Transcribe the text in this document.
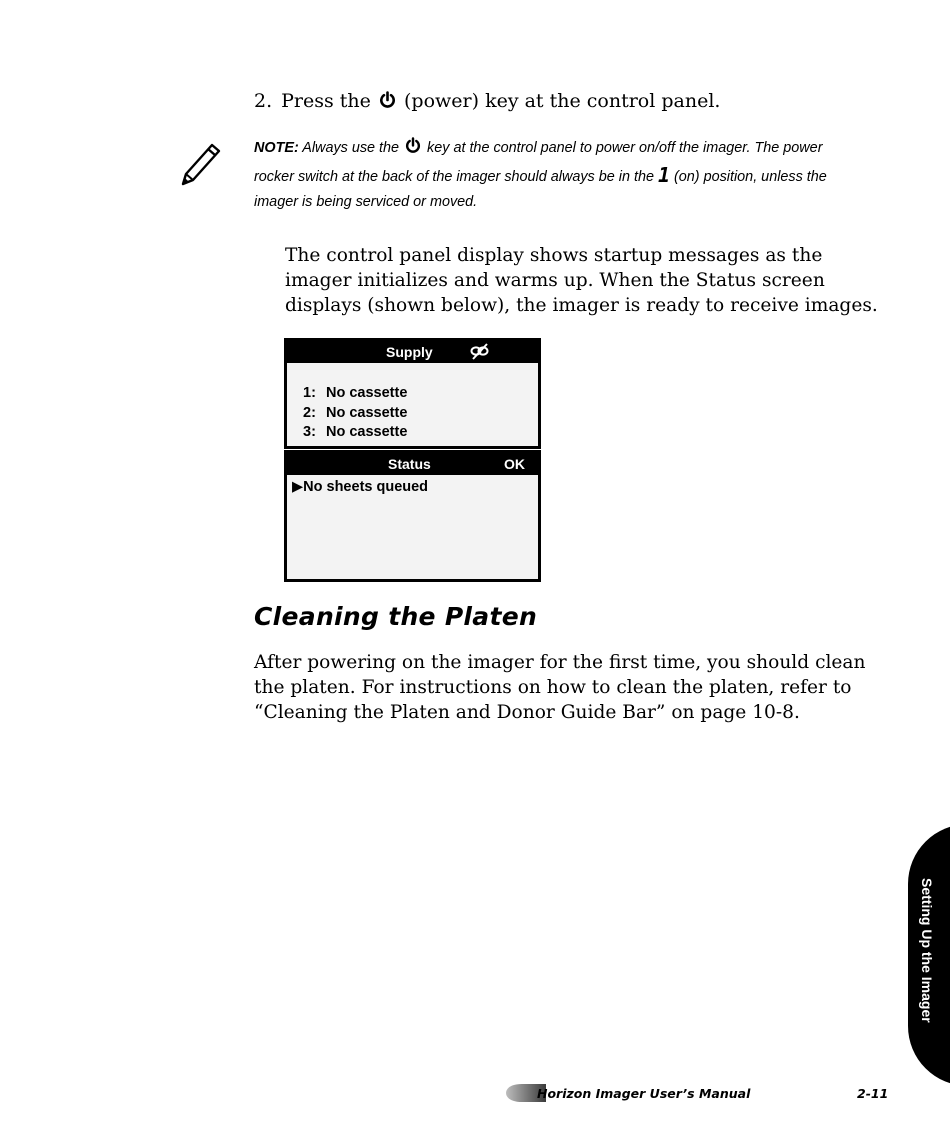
2. Press the (power) key at the control panel.
NOTE: Always use the key at the control panel to power on/off the imager. The power rocker switch at the back of the imager should always be in the 1 (on) position, unless the imager is being serviced or moved.
The control panel display shows startup messages as the imager initializes and warms up. When the Status screen displays (shown below), the imager is ready to receive images.
Supply
1: No cassette
2: No cassette
3: No cassette
Status	OK
▶No sheets queued
Cleaning the Platen
After powering on the imager for the first time, you should clean the platen. For instructions on how to clean the platen, refer to “Cleaning the Platen and Donor Guide Bar” on page 10-8.
Setting Up the Imager
Horizon Imager User’s Manual	2-11
